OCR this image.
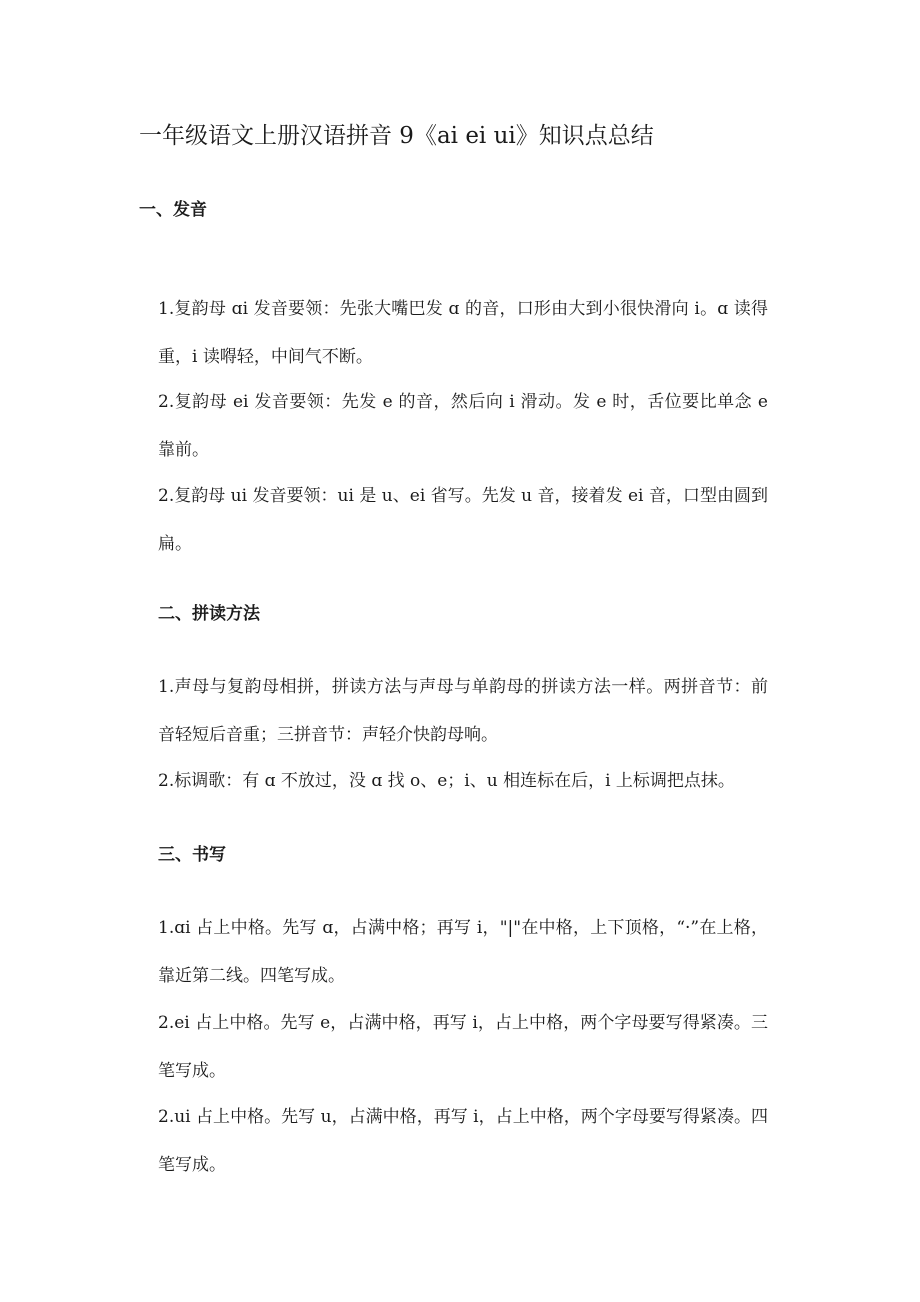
一年级语文上册汉语拼音 9《ai ei ui》知识点总结
一、发音

1.复韵母 ɑi 发音要领：先张大嘴巴发 ɑ 的音，口形由大到小很快滑向 i。ɑ 读得重，i 读嘚轻，中间气不断。

2.复韵母 ei 发音要领：先发 e 的音，然后向 i 滑动。发 e 时，舌位要比单念 e 靠前。

2.复韵母 ui 发音要领：ui 是 u、ei 省写。先发 u 音，接着发 ei 音，口型由圆到扁。

二、拼读方法

1.声母与复韵母相拼，拼读方法与声母与单韵母的拼读方法一样。两拼音节：前音轻短后音重；三拼音节：声轻介快韵母响。

2.标调歌：有 ɑ 不放过，没 ɑ 找 o、e；i、u 相连标在后，i 上标调把点抹。

三、书写

1.ɑi 占上中格。先写 ɑ，占满中格；再写 i，"|"在中格，上下顶格，“·”在上格，靠近第二线。四笔写成。

2.ei 占上中格。先写 e，占满中格，再写 i，占上中格，两个字母要写得紧凑。三笔写成。

2.ui 占上中格。先写 u，占满中格，再写 i，占上中格，两个字母要写得紧凑。四笔写成。
